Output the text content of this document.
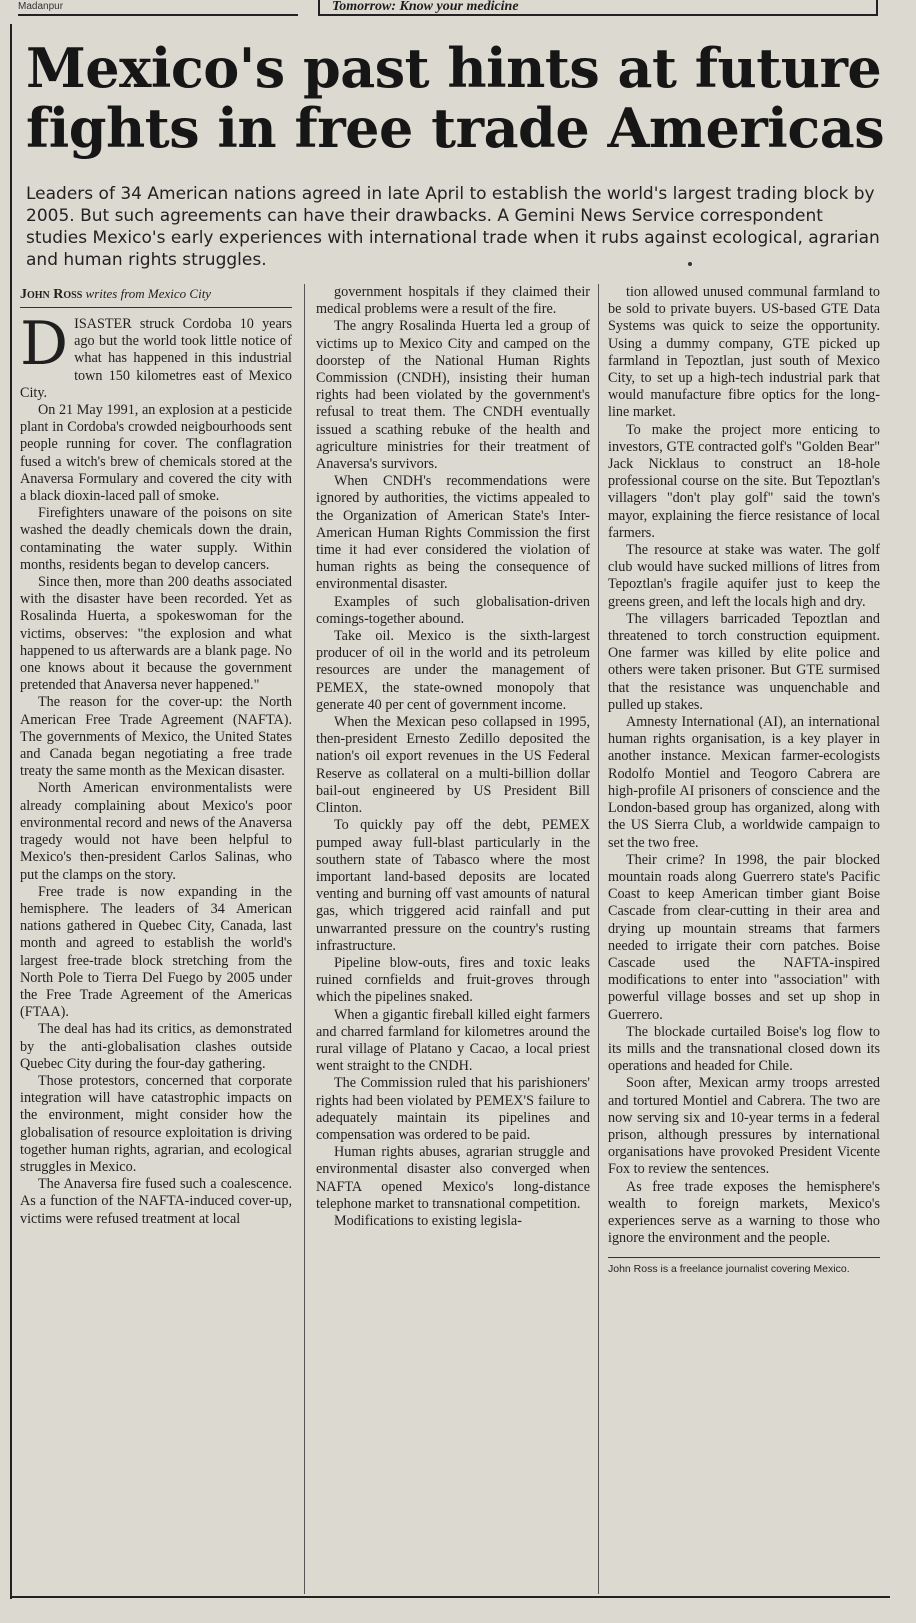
Madanpur	Tomorrow: Know your medicine
Mexico's past hints at future fights in free trade Americas

Leaders of 34 American nations agreed in late April to establish the world's largest trading block by 2005. But such agreements can have their drawbacks. A Gemini News Service correspondent studies Mexico's early experiences with international trade when it rubs against ecological, agrarian and human rights struggles.

John Ross writes from Mexico City

DISASTER struck Cordoba 10 years ago but the world took little notice of what has happened in this industrial town 150 kilometres east of Mexico City.

On 21 May 1991, an explosion at a pesticide plant in Cordoba's crowded neigbourhoods sent people running for cover. The conflagration fused a witch's brew of chemicals stored at the Anaversa Formulary and covered the city with a black dioxin-laced pall of smoke.

Firefighters unaware of the poisons on site washed the deadly chemicals down the drain, contaminating the water supply. Within months, residents began to develop cancers.

Since then, more than 200 deaths associated with the disaster have been recorded. Yet as Rosalinda Huerta, a spokeswoman for the victims, observes: "the explosion and what happened to us afterwards are a blank page. No one knows about it because the government pretended that Anaversa never happened."

The reason for the cover-up: the North American Free Trade Agreement (NAFTA). The governments of Mexico, the United States and Canada began negotiating a free trade treaty the same month as the Mexican disaster.

North American environmentalists were already complaining about Mexico's poor environmental record and news of the Anaversa tragedy would not have been helpful to Mexico's then-president Carlos Salinas, who put the clamps on the story.

Free trade is now expanding in the hemisphere. The leaders of 34 American nations gathered in Quebec City, Canada, last month and agreed to establish the world's largest free-trade block stretching from the North Pole to Tierra Del Fuego by 2005 under the Free Trade Agreement of the Americas (FTAA).

The deal has had its critics, as demonstrated by the anti-globalisation clashes outside Quebec City during the four-day gathering.

Those protestors, concerned that corporate integration will have catastrophic impacts on the environment, might consider how the globalisation of resource exploitation is driving together human rights, agrarian, and ecological struggles in Mexico.

The Anaversa fire fused such a coalescence. As a function of the NAFTA-induced cover-up, victims were refused treatment at local

government hospitals if they claimed their medical problems were a result of the fire.

The angry Rosalinda Huerta led a group of victims up to Mexico City and camped on the doorstep of the National Human Rights Commission (CNDH), insisting their human rights had been violated by the government's refusal to treat them. The CNDH eventually issued a scathing rebuke of the health and agriculture ministries for their treatment of Anaversa's survivors.

When CNDH's recommendations were ignored by authorities, the victims appealed to the Organization of American State's Inter-American Human Rights Commission the first time it had ever considered the violation of human rights as being the consequence of environmental disaster.

Examples of such globalisation-driven comings-together abound.

Take oil. Mexico is the sixth-largest producer of oil in the world and its petroleum resources are under the management of PEMEX, the state-owned monopoly that generate 40 per cent of government income.

When the Mexican peso collapsed in 1995, then-president Ernesto Zedillo deposited the nation's oil export revenues in the US Federal Reserve as collateral on a multi-billion dollar bail-out engineered by US President Bill Clinton.

To quickly pay off the debt, PEMEX pumped away full-blast particularly in the southern state of Tabasco where the most important land-based deposits are located venting and burning off vast amounts of natural gas, which triggered acid rainfall and put unwarranted pressure on the country's rusting infrastructure.

Pipeline blow-outs, fires and toxic leaks ruined cornfields and fruit-groves through which the pipelines snaked.

When a gigantic fireball killed eight farmers and charred farmland for kilometres around the rural village of Platano y Cacao, a local priest went straight to the CNDH.

The Commission ruled that his parishioners' rights had been violated by PEMEX'S failure to adequately maintain its pipelines and compensation was ordered to be paid.

Human rights abuses, agrarian struggle and environmental disaster also converged when NAFTA opened Mexico's long-distance telephone market to transnational competition.

Modifications to existing legisla-

tion allowed unused communal farmland to be sold to private buyers. US-based GTE Data Systems was quick to seize the opportunity. Using a dummy company, GTE picked up farmland in Tepoztlan, just south of Mexico City, to set up a high-tech industrial park that would manufacture fibre optics for the long-line market.

To make the project more enticing to investors, GTE contracted golf's "Golden Bear" Jack Nicklaus to construct an 18-hole professional course on the site. But Tepoztlan's villagers "don't play golf" said the town's mayor, explaining the fierce resistance of local farmers.

The resource at stake was water. The golf club would have sucked millions of litres from Tepoztlan's fragile aquifer just to keep the greens green, and left the locals high and dry.

The villagers barricaded Tepoztlan and threatened to torch construction equipment. One farmer was killed by elite police and others were taken prisoner. But GTE surmised that the resistance was unquenchable and pulled up stakes.

Amnesty International (AI), an international human rights organisation, is a key player in another instance. Mexican farmer-ecologists Rodolfo Montiel and Teogoro Cabrera are high-profile AI prisoners of conscience and the London-based group has organized, along with the US Sierra Club, a worldwide campaign to set the two free.

Their crime? In 1998, the pair blocked mountain roads along Guerrero state's Pacific Coast to keep American timber giant Boise Cascade from clear-cutting in their area and drying up mountain streams that farmers needed to irrigate their corn patches. Boise Cascade used the NAFTA-inspired modifications to enter into "association" with powerful village bosses and set up shop in Guerrero.

The blockade curtailed Boise's log flow to its mills and the transnational closed down its operations and headed for Chile.

Soon after, Mexican army troops arrested and tortured Montiel and Cabrera. The two are now serving six and 10-year terms in a federal prison, although pressures by international organisations have provoked President Vicente Fox to review the sentences.

As free trade exposes the hemisphere's wealth to foreign markets, Mexico's experiences serve as a warning to those who ignore the environment and the people.

John Ross is a freelance journalist covering Mexico.
